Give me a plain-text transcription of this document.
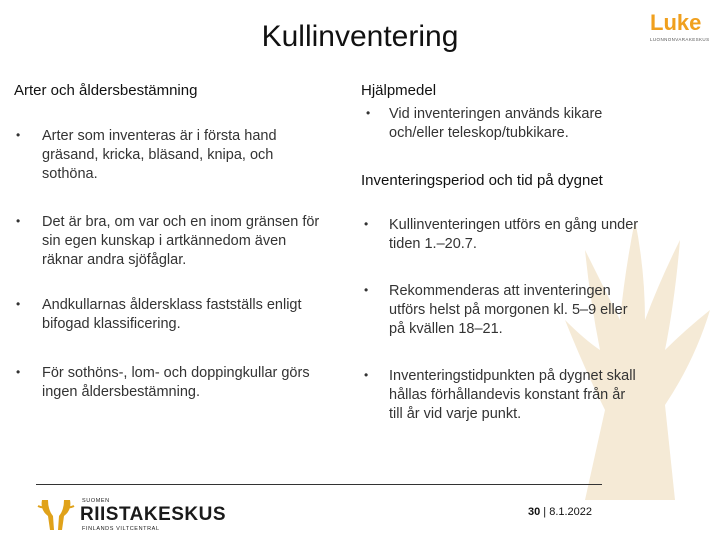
Kullinventering	Luke
LUONNONVARAKESKUS
Arter och åldersbestämning
• Arter som inventeras är i första hand
gräsand, kricka, bläsand, knipa, och
sothöna.
• Det är bra, om var och en inom gränsen för
sin egen kunskap i artkännedom även
räknar andra sjöfåglar.
• Andkullarnas åldersklass fastställs enligt
bifogad klassificering.
• För sothöns-, lom- och doppingkullar görs
ingen åldersbestämning.
Hjälpmedel
• Vid inventeringen används kikare
och/eller teleskop/tubkikare.
Inventeringsperiod och tid på dygnet
• Kullinventeringen utförs en gång under
tiden 1.–20.7.
• Rekommenderas att inventeringen
utförs helst på morgonen kl. 5–9 eller
på kvällen 18–21.
• Inventeringstidpunkten på dygnet skall
hållas förhållandevis konstant från år
till år vid varje punkt.
SUOMEN
RIISTAKESKUS
FINLANDS VILTCENTRAL
30 | 8.1.2022
